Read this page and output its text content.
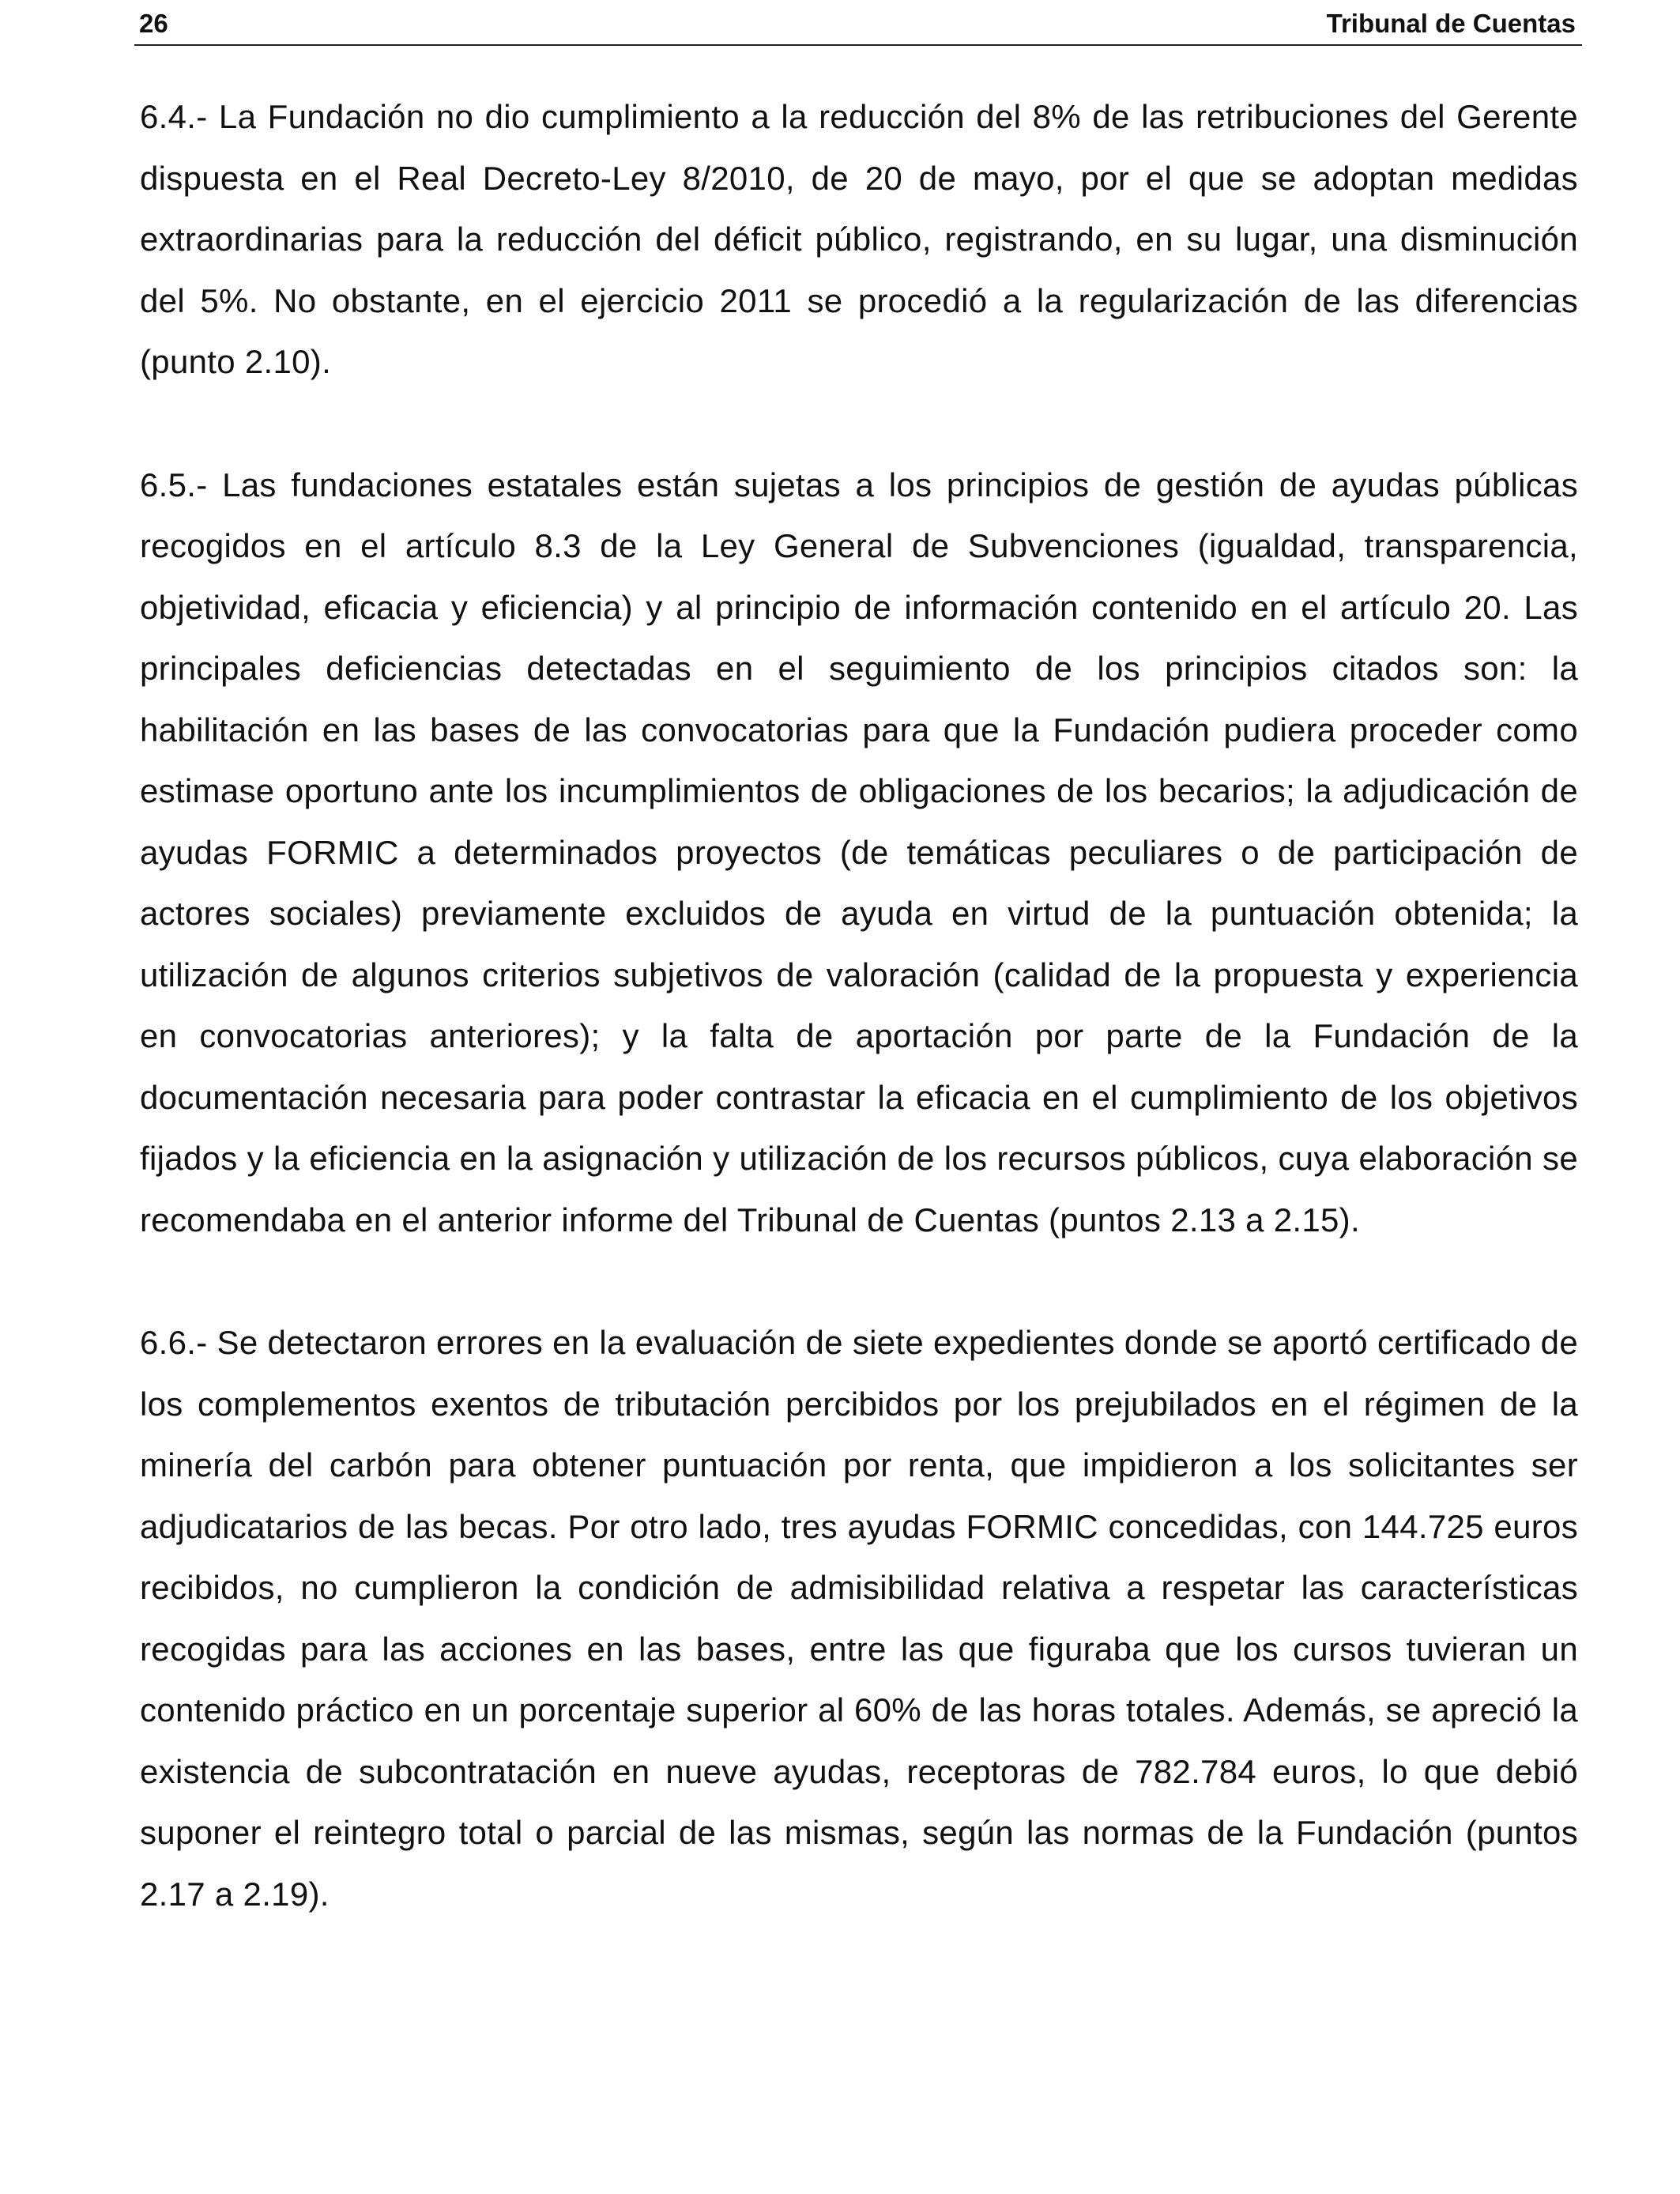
26	Tribunal de Cuentas

6.4.- La Fundación no dio cumplimiento a la reducción del 8% de las retribuciones del Gerente dispuesta en el Real Decreto-Ley 8/2010, de 20 de mayo, por el que se adoptan medidas extraordinarias para la reducción del déficit público, registrando, en su lugar, una disminución del 5%. No obstante, en el ejercicio 2011 se procedió a la regularización de las diferencias (punto 2.10).

6.5.- Las fundaciones estatales están sujetas a los principios de gestión de ayudas públicas recogidos en el artículo 8.3 de la Ley General de Subvenciones (igualdad, transparencia, objetividad, eficacia y eficiencia) y al principio de información contenido en el artículo 20. Las principales deficiencias detectadas en el seguimiento de los principios citados son: la habilitación en las bases de las convocatorias para que la Fundación pudiera proceder como estimase oportuno ante los incumplimientos de obligaciones de los becarios; la adjudicación de ayudas FORMIC a determinados proyectos (de temáticas peculiares o de participación de actores sociales) previamente excluidos de ayuda en virtud de la puntuación obtenida; la utilización de algunos criterios subjetivos de valoración (calidad de la propuesta y experiencia en convocatorias anteriores); y la falta de aportación por parte de la Fundación de la documentación necesaria para poder contrastar la eficacia en el cumplimiento de los objetivos fijados y la eficiencia en la asignación y utilización de los recursos públicos, cuya elaboración se recomendaba en el anterior informe del Tribunal de Cuentas (puntos 2.13 a 2.15).

6.6.- Se detectaron errores en la evaluación de siete expedientes donde se aportó certificado de los complementos exentos de tributación percibidos por los prejubilados en el régimen de la minería del carbón para obtener puntuación por renta, que impidieron a los solicitantes ser adjudicatarios de las becas. Por otro lado, tres ayudas FORMIC concedidas, con 144.725 euros recibidos, no cumplieron la condición de admisibilidad relativa a respetar las características recogidas para las acciones en las bases, entre las que figuraba que los cursos tuvieran un contenido práctico en un porcentaje superior al 60% de las horas totales. Además, se apreció la existencia de subcontratación en nueve ayudas, receptoras de 782.784 euros, lo que debió suponer el reintegro total o parcial de las mismas, según las normas de la Fundación (puntos 2.17 a 2.19).
